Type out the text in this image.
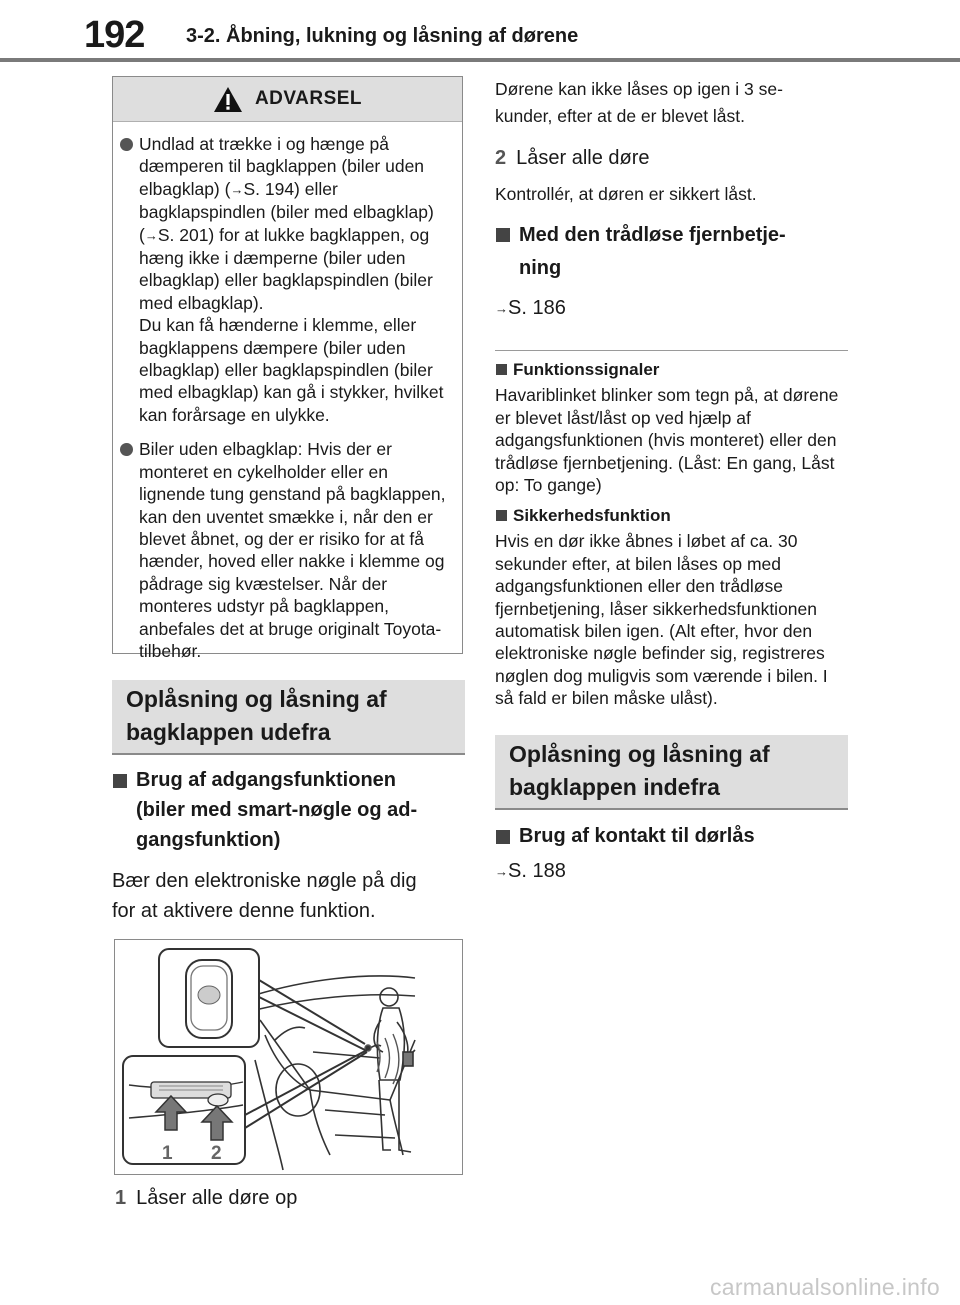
192 3-2. Åbning, lukning og låsning af dørene
ADVARSEL

Undlad at trække i og hænge på dæmperen til bagklappen (biler uden elbagklap) (→S. 194) eller bagklapspindlen (biler med elbagklap) (→S. 201) for at lukke bagklappen, og hæng ikke i dæmperne (biler uden elbagklap) eller bagklapspindlen (biler med elbagklap).

Du kan få hænderne i klemme, eller bagklappens dæmpere (biler uden elbagklap) eller bagklapspindlen (biler med elbagklap) kan gå i stykker, hvilket kan forårsage en ulykke.

Biler uden elbagklap: Hvis der er monteret en cykelholder eller en lignende tung genstand på bagklappen, kan den uventet smække i, når den er blevet åbnet, og der er risiko for at få hænder, hoved eller nakke i klemme og pådrage sig kvæstelser. Når der monteres udstyr på bagklappen, anbefales det at bruge originalt Toyota-tilbehør.

Oplåsning og låsning af
bagklappen udefra
Brug af adgangsfunktionen
(biler med smart-nøgle og ad-
gangsfunktion)

Bær den elektroniske nøgle på dig

for at aktivere denne funktion.

1 2
1 Låser alle døre op

Dørene kan ikke låses op igen i 3 se-

kunder, efter at de er blevet låst.

2 Låser alle døre

Kontrollér, at døren er sikkert låst.

Med den trådløse fjernbetje-
ning

→S. 186

Funktionssignaler

Havariblinket blinker som tegn på, at dørene er blevet låst/låst op ved hjælp af adgangsfunktionen (hvis monteret) eller den trådløse fjernbetjening. (Låst: En gang, Låst op: To gange)

Sikkerhedsfunktion

Hvis en dør ikke åbnes i løbet af ca. 30 sekunder efter, at bilen låses op med adgangsfunktionen eller den trådløse fjernbetjening, låser sikkerhedsfunktionen automatisk bilen igen. (Alt efter, hvor den elektroniske nøgle befinder sig, registreres nøglen dog muligvis som værende i bilen. I så fald er bilen måske ulåst).

Oplåsning og låsning af
bagklappen indefra
Brug af kontakt til dørlås

→S. 188

carmanualsonline.info
